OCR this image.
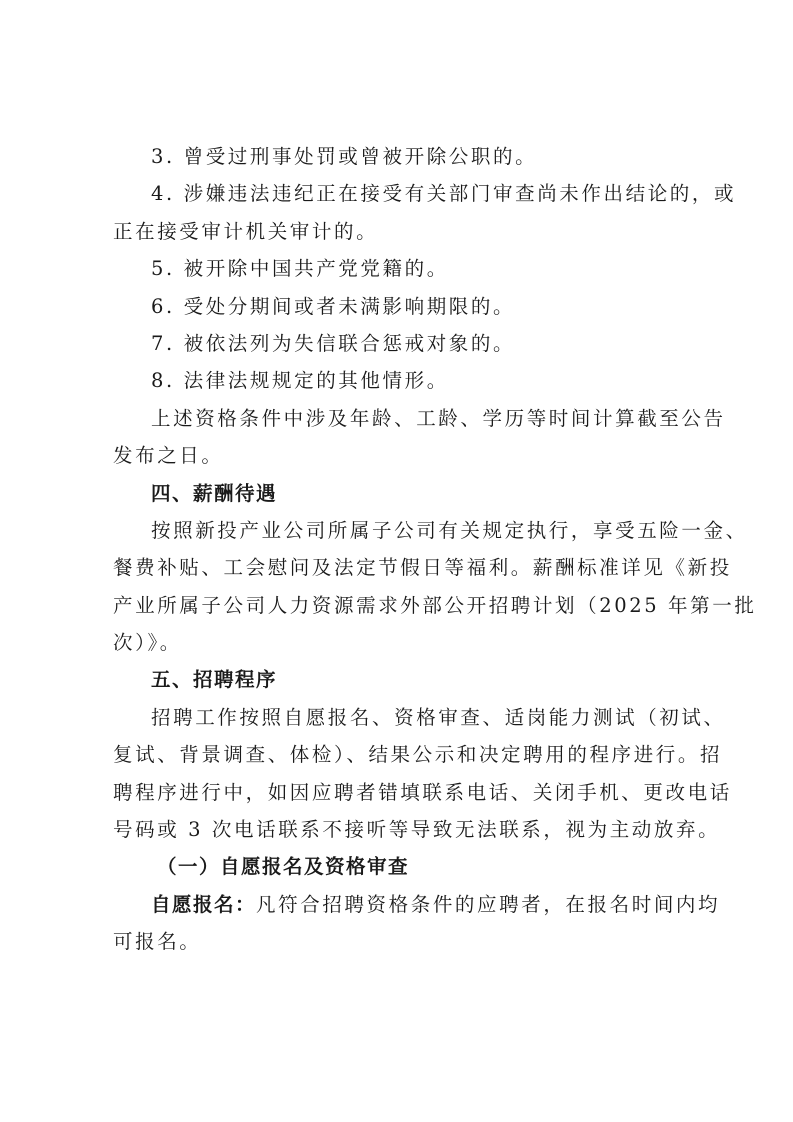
3. 曾受过刑事处罚或曾被开除公职的。
4. 涉嫌违法违纪正在接受有关部门审查尚未作出结论的，或
正在接受审计机关审计的。
5. 被开除中国共产党党籍的。
6. 受处分期间或者未满影响期限的。
7. 被依法列为失信联合惩戒对象的。
8. 法律法规规定的其他情形。
上述资格条件中涉及年龄、工龄、学历等时间计算截至公告
发布之日。
四、薪酬待遇
按照新投产业公司所属子公司有关规定执行，享受五险一金、
餐费补贴、工会慰问及法定节假日等福利。薪酬标准详见《新投
产业所属子公司人力资源需求外部公开招聘计划（2025 年第一批
次）》。
五、招聘程序
招聘工作按照自愿报名、资格审查、适岗能力测试（初试、
复试、背景调查、体检）、结果公示和决定聘用的程序进行。招
聘程序进行中，如因应聘者错填联系电话、关闭手机、更改电话
号码或 3 次电话联系不接听等导致无法联系，视为主动放弃。
（一）自愿报名及资格审查
自愿报名：凡符合招聘资格条件的应聘者，在报名时间内均
可报名。
